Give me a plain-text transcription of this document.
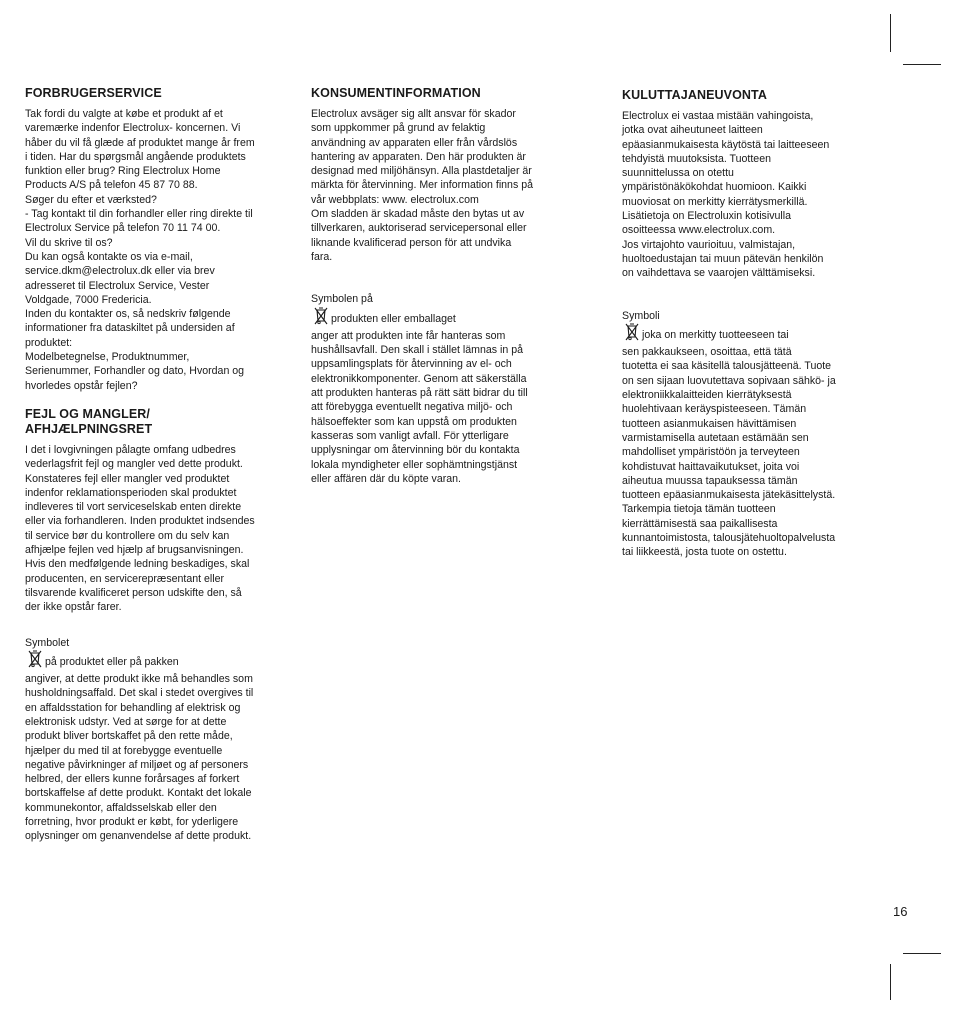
FORBRUGERSERVICE

Tak fordi du valgte at købe et produkt af et
varemærke indenfor Electrolux- koncernen. Vi
håber du vil få glæde af produktet mange år frem
i tiden. Har du spørgsmål angående produktets
funktion eller brug? Ring Electrolux Home
Products A/S på telefon 45 87 70 88.
Søger du efter et værksted?
- Tag kontakt til din forhandler eller ring direkte til
Electrolux Service på telefon 70 11 74 00.
Vil du skrive til os?
Du kan også kontakte os via e-mail,
service.dkm@electrolux.dk eller via brev
adresseret til Electrolux Service, Vester
Voldgade, 7000 Fredericia.
Inden du kontakter os, så nedskriv følgende
informationer fra dataskiltet på undersiden af
produktet:
Modelbetegnelse, Produktnummer,
Serienummer, Forhandler og dato, Hvordan og
hvorledes opstår fejlen?

FEJL OG MANGLER/
AFHJÆLPNINGSRET

I det i lovgivningen pålagte omfang udbedres
vederlagsfrit fejl og mangler ved dette produkt.
Konstateres fejl eller mangler ved produktet
indenfor reklamationsperioden skal produktet
indleveres til vort serviceselskab enten direkte
eller via forhandleren. Inden produktet indsendes
til service bør du kontrollere om du selv kan
afhjælpe fejlen ved hjælp af brugsanvisningen.
Hvis den medfølgende ledning beskadiges, skal
producenten, en servicerepræsentant eller
tilsvarende kvalificeret person udskifte den, så
der ikke opstår farer.

Symbolet
på produktet eller på pakken
angiver, at dette produkt ikke må behandles som
husholdningsaffald. Det skal i stedet overgives til
en affaldsstation for behandling af elektrisk og
elektronisk udstyr. Ved at sørge for at dette
produkt bliver bortskaffet på den rette måde,
hjælper du med til at forebygge eventuelle
negative påvirkninger af miljøet og af personers
helbred, der ellers kunne forårsages af forkert
bortskaffelse af dette produkt. Kontakt det lokale
kommunekontor, affaldsselskab eller den
forretning, hvor produkt er købt, for yderligere
oplysninger om genanvendelse af dette produkt.

KONSUMENTINFORMATION

Electrolux avsäger sig allt ansvar för skador
som uppkommer på grund av felaktig
användning av apparaten eller från vårdslös
hantering av apparaten. Den här produkten är
designad med miljöhänsyn. Alla plastdetaljer är
märkta för återvinning. Mer information finns på
vår webbplats: www. electrolux.com
Om sladden är skadad måste den bytas ut av
tillverkaren, auktoriserad servicepersonal eller
liknande kvalificerad person för att undvika
fara.

Symbolen på
produkten eller emballaget
anger att produkten inte får hanteras som
hushållsavfall. Den skall i stället lämnas in på
uppsamlingsplats för återvinning av el- och
elektronikkomponenter. Genom att säkerställa
att produkten hanteras på rätt sätt bidrar du till
att förebygga eventuellt negativa miljö- och
hälsoeffekter som kan uppstå om produkten
kasseras som vanligt avfall. För ytterligare
upplysningar om återvinning bör du kontakta
lokala myndigheter eller sophämtningstjänst
eller affären där du köpte varan.

KULUTTAJANEUVONTA

Electrolux ei vastaa mistään vahingoista,
jotka ovat aiheutuneet laitteen
epäasianmukaisesta käytöstä tai laitteeseen
tehdyistä muutoksista. Tuotteen
suunnittelussa on otettu
ympäristönäkökohdat huomioon. Kaikki
muoviosat on merkitty kierrätysmerkillä.
Lisätietoja on Electroluxin kotisivulla
osoitteessa www.electrolux.com.
Jos virtajohto vaurioituu, valmistajan,
huoltoedustajan tai muun pätevän henkilön
on vaihdettava se vaarojen välttämiseksi.

Symboli
joka on merkitty tuotteeseen tai
sen pakkaukseen, osoittaa, että tätä
tuotetta ei saa käsitellä talousjätteenä. Tuote
on sen sijaan luovutettava sopivaan sähkö- ja
elektroniikkalaitteiden kierrätyksestä
huolehtivaan keräyspisteeseen. Tämän
tuotteen asianmukaisen hävittämisen
varmistamisella autetaan estämään sen
mahdolliset ympäristöön ja terveyteen
kohdistuvat haittavaikutukset, joita voi
aiheutua muussa tapauksessa tämän
tuotteen epäasianmukaisesta jätekäsittelystä.
Tarkempia tietoja tämän tuotteen
kierrättämisestä saa paikallisesta
kunnantoimistosta, talousjätehuoltopalvelusta
tai liikkeestä, josta tuote on ostettu.

16
